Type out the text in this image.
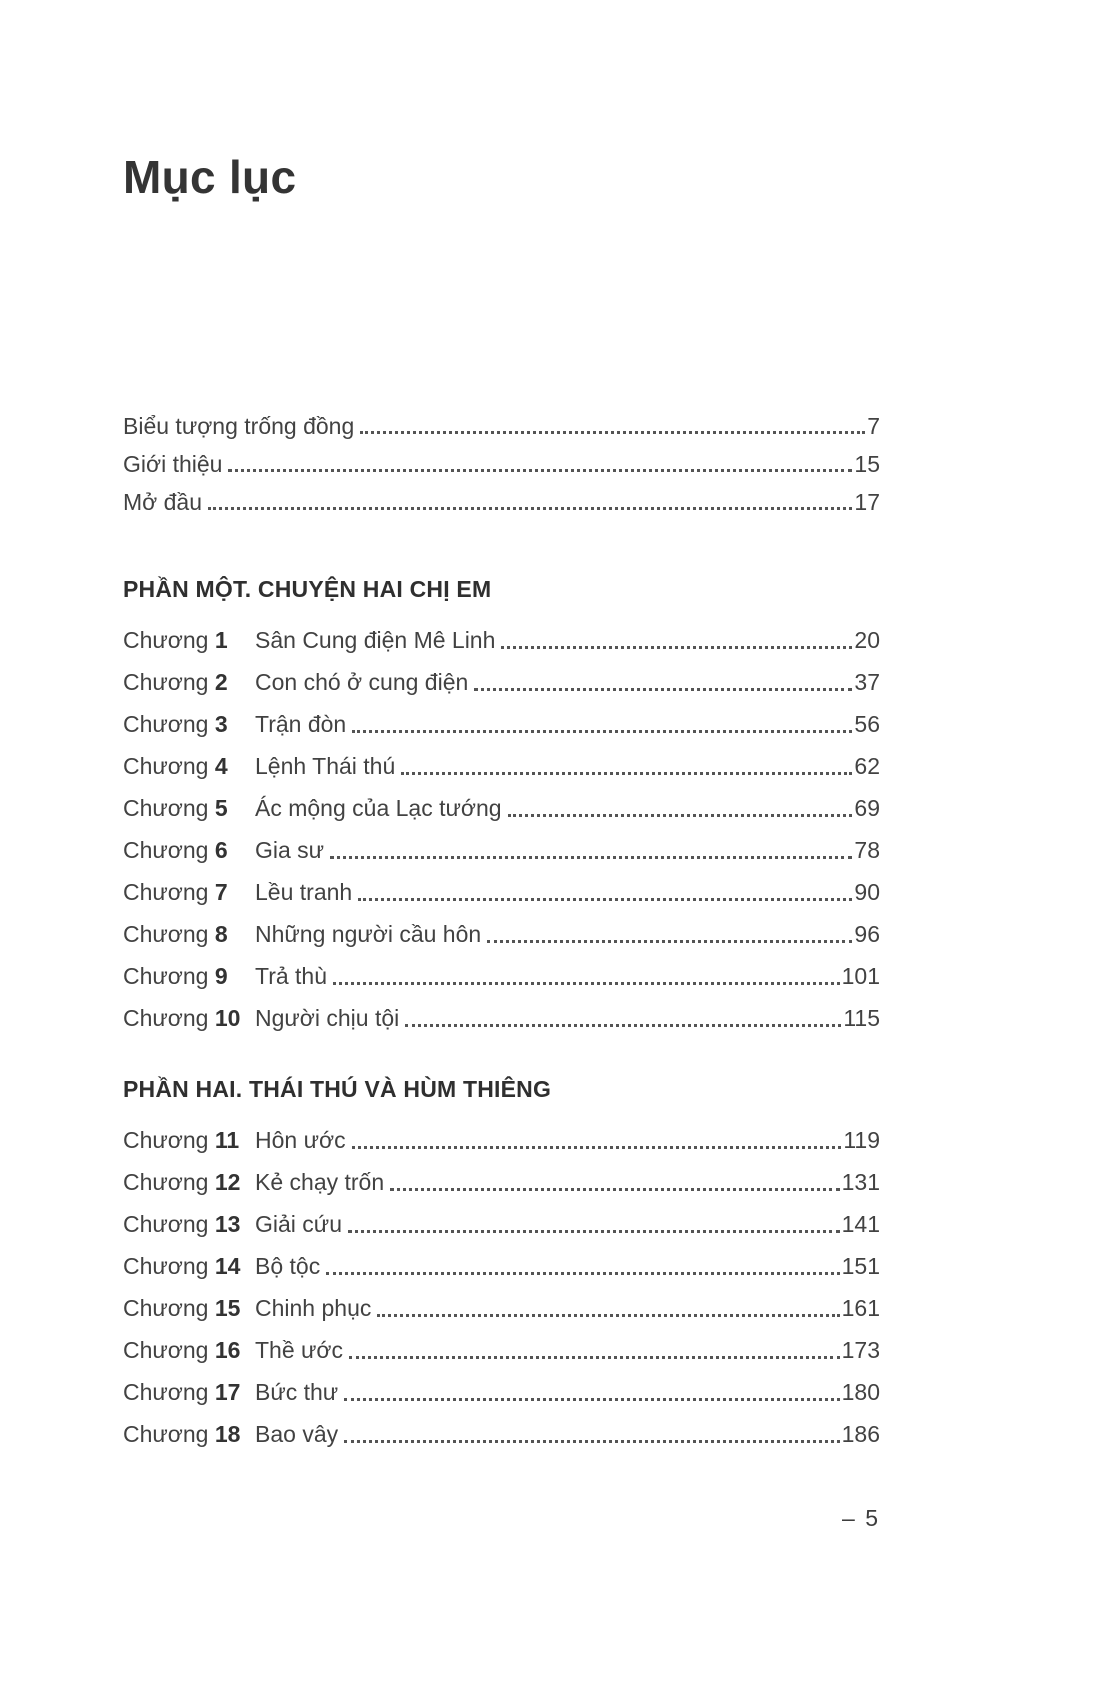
Mục lục
Biểu tượng trống đồng	7
Giới thiệu	15
Mở đầu	17
PHẦN MỘT. CHUYỆN HAI CHỊ EM
Chương 1	Sân Cung điện Mê Linh	20
Chương 2	Con chó ở cung điện	37
Chương 3	Trận đòn	56
Chương 4	Lệnh Thái thú	62
Chương 5	Ác mộng của Lạc tướng	69
Chương 6	Gia sư	78
Chương 7	Lều tranh	90
Chương 8	Những người cầu hôn	96
Chương 9	Trả thù	101
Chương 10 Người chịu tội	115
PHẦN HAI. THÁI THÚ VÀ HÙM THIÊNG
Chương 11 Hôn ước	119
Chương 12 Kẻ chạy trốn	131
Chương 13 Giải cứu	141
Chương 14 Bộ tộc	151
Chương 15 Chinh phục	161
Chương 16 Thề ước	173
Chương 17 Bức thư	180
Chương 18 Bao vây	186
– 5
